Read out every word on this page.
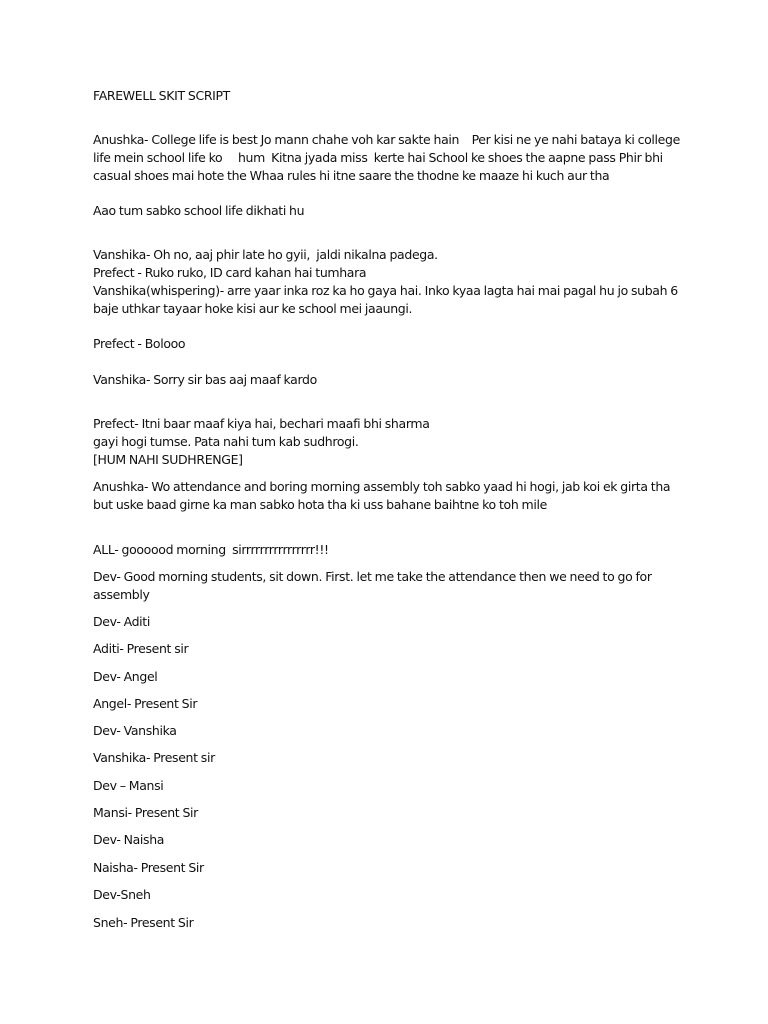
FAREWELL SKIT SCRIPT
Anushka- College life is best Jo mann chahe voh kar sakte hain    Per kisi ne ye nahi bataya ki college
life mein school life ko     hum  Kitna jyada miss  kerte hai School ke shoes the aapne pass Phir bhi
casual shoes mai hote the Whaa rules hi itne saare the thodne ke maaze hi kuch aur tha
Aao tum sabko school life dikhati hu
Vanshika- Oh no, aaj phir late ho gyii,  jaldi nikalna padega.
Prefect - Ruko ruko, ID card kahan hai tumhara
Vanshika(whispering)- arre yaar inka roz ka ho gaya hai. Inko kyaa lagta hai mai pagal hu jo subah 6
baje uthkar tayaar hoke kisi aur ke school mei jaaungi.
Prefect - Bolooo
Vanshika- Sorry sir bas aaj maaf kardo
Prefect- Itni baar maaf kiya hai, bechari maafi bhi sharma
gayi hogi tumse. Pata nahi tum kab sudhrogi.
[HUM NAHI SUDHRENGE]
Anushka- Wo attendance and boring morning assembly toh sabko yaad hi hogi, jab koi ek girta tha
but uske baad girne ka man sabko hota tha ki uss bahane baihtne ko toh mile
ALL- goooood morning  sirrrrrrrrrrrrrrrr!!!
Dev- Good morning students, sit down. First. let me take the attendance then we need to go for
assembly
Dev- Aditi
Aditi- Present sir
Dev- Angel
Angel- Present Sir
Dev- Vanshika
Vanshika- Present sir
Dev – Mansi
Mansi- Present Sir
Dev- Naisha
Naisha- Present Sir
Dev-Sneh
Sneh- Present Sir
